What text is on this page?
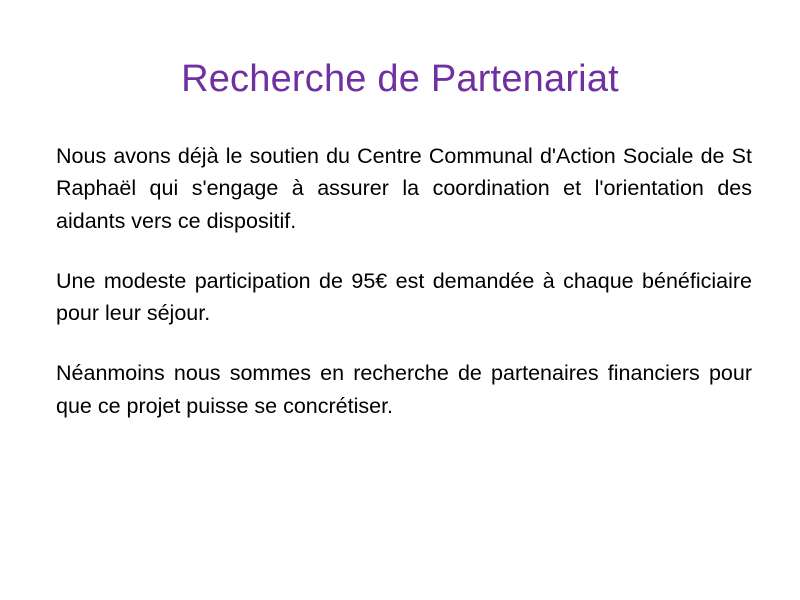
Recherche de Partenariat

Nous avons déjà le soutien du Centre Communal d'Action Sociale de St Raphaël qui s'engage à assurer la coordination et l'orientation des aidants vers ce dispositif.

Une modeste participation de 95€ est demandée à chaque bénéficiaire pour leur séjour.

Néanmoins nous sommes en recherche de partenaires financiers pour que ce projet puisse se concrétiser.
